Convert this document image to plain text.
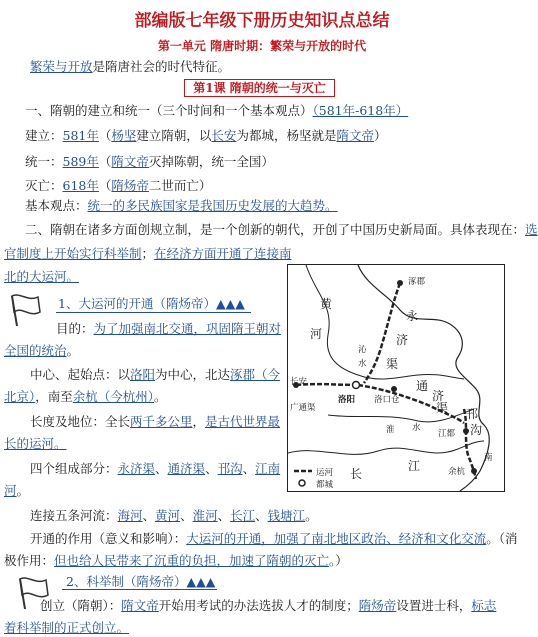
部编版七年级下册历史知识点总结
第一单元 隋唐时期：繁荣与开放的时代
繁荣与开放是隋唐社会的时代特征。
第1课 隋朝的统一与灭亡
一、隋朝的建立和统一（三个时间和一个基本观点）（581年-618年）
建立：581年（杨坚建立隋朝，以长安为都城，杨坚就是隋文帝）
统一：589年（隋文帝灭掉陈朝，统一全国）
灭亡：618年（隋炀帝二世而亡）
基本观点：统一的多民族国家是我国历史发展的大趋势。
二、隋朝在诸多方面创规立制，是一个创新的朝代，开创了中国历史新局面。具体表现在：选
官制度上开始实行科举制；在经济方面开通了连接南
北的大运河。
1、大运河的开通（隋炀帝）▲▲▲
目的：为了加强南北交通，巩固隋王朝对
全国的统治。
中心、起始点：以洛阳为中心，北达涿郡（今
北京），南至余杭（今杭州）。
长度及地位：全长两千多公里，是古代世界最
长的运河。
四个组成部分：永济渠、通济渠、邗沟、江南
河。
连接五条河流：海河、黄河、淮河、长江、钱塘江。
开通的作用（意义和影响）：大运河的开通，加强了南北地区政治、经济和文化交流。（消
极作用：但也给人民带来了沉重的负担，加速了隋朝的灭亡。）
2、科举制（隋炀帝）▲▲▲
创立（隋朝）：隋文帝开始用考试的办法选拔人才的制度；隋炀帝设置进士科，标志
着科举制的正式创立。
涿郡
永
济
渠
黄
河
沁
水
长安
广通渠
洛阳 洛口仓
通
济
渠
淮 水
邗
沟
江都
余杭
长
江
南
运河
都城
